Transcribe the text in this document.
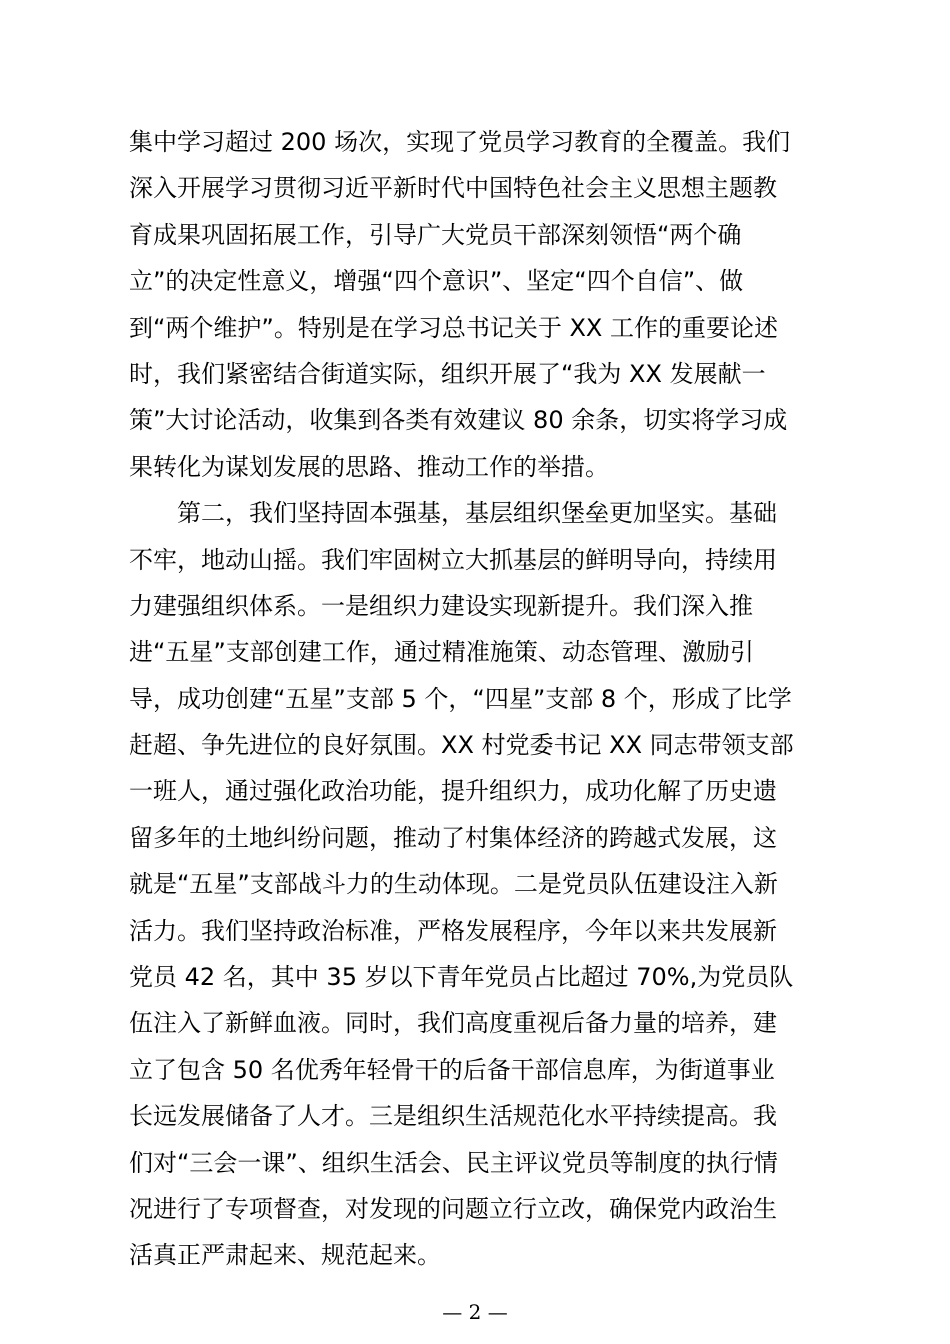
集中学习超过 200 场次，实现了党员学习教育的全覆盖。我们
深入开展学习贯彻习近平新时代中国特色社会主义思想主题教
育成果巩固拓展工作，引导广大党员干部深刻领悟“两个确
立”的决定性意义，增强“四个意识”、坚定“四个自信”、做
到“两个维护”。特别是在学习总书记关于 XX 工作的重要论述
时，我们紧密结合街道实际，组织开展了“我为 XX 发展献一
策”大讨论活动，收集到各类有效建议 80 余条，切实将学习成
果转化为谋划发展的思路、推动工作的举措。
第二，我们坚持固本强基，基层组织堡垒更加坚实。基础
不牢，地动山摇。我们牢固树立大抓基层的鲜明导向，持续用
力建强组织体系。一是组织力建设实现新提升。我们深入推
进“五星”支部创建工作，通过精准施策、动态管理、激励引
导，成功创建“五星”支部 5 个，“四星”支部 8 个，形成了比学
赶超、争先进位的良好氛围。XX 村党委书记 XX 同志带领支部
一班人，通过强化政治功能，提升组织力，成功化解了历史遗
留多年的土地纠纷问题，推动了村集体经济的跨越式发展，这
就是“五星”支部战斗力的生动体现。二是党员队伍建设注入新
活力。我们坚持政治标准，严格发展程序，今年以来共发展新
党员 42 名，其中 35 岁以下青年党员占比超过 70%,为党员队
伍注入了新鲜血液。同时，我们高度重视后备力量的培养，建
立了包含 50 名优秀年轻骨干的后备干部信息库，为街道事业
长远发展储备了人才。三是组织生活规范化水平持续提高。我
们对“三会一课”、组织生活会、民主评议党员等制度的执行情
况进行了专项督查，对发现的问题立行立改，确保党内政治生
活真正严肃起来、规范起来。
— 2 —
